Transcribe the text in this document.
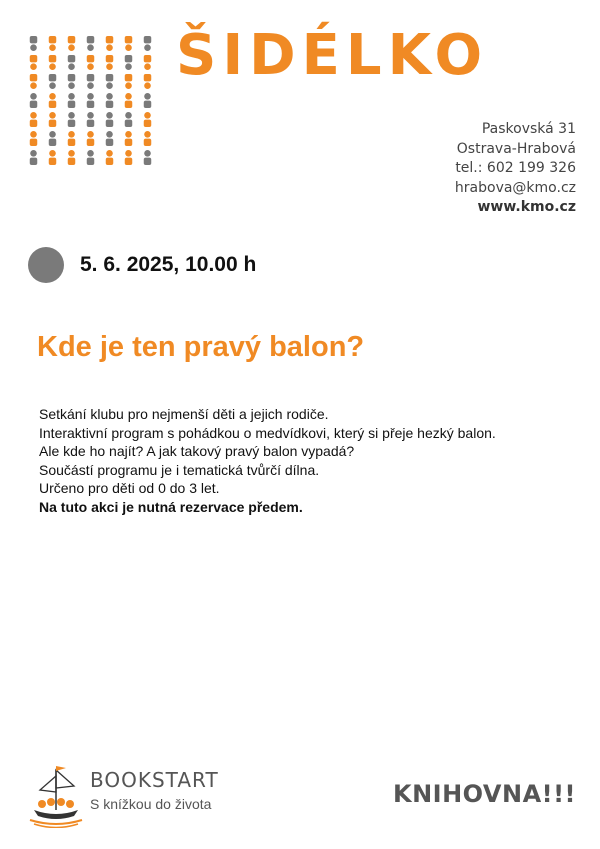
ŠIDÉLKO
Paskovská 31
Ostrava-Hrabová
tel.: 602 199 326
hrabova@kmo.cz
www.kmo.cz
5. 6. 2025, 10.00 h
Kde je ten pravý balon?

Setkání klubu pro nejmenší děti a jejich rodiče.

Interaktivní program s pohádkou o medvídkovi, který si přeje hezký balon.

Ale kde ho najít? A jak takový pravý balon vypadá?

Součástí programu je i tematická tvůrčí dílna.

Určeno pro děti od 0 do 3 let.

Na tuto akci je nutná rezervace předem.

BOOKSTART
S knížkou do života	KNIHOVNA!!!
